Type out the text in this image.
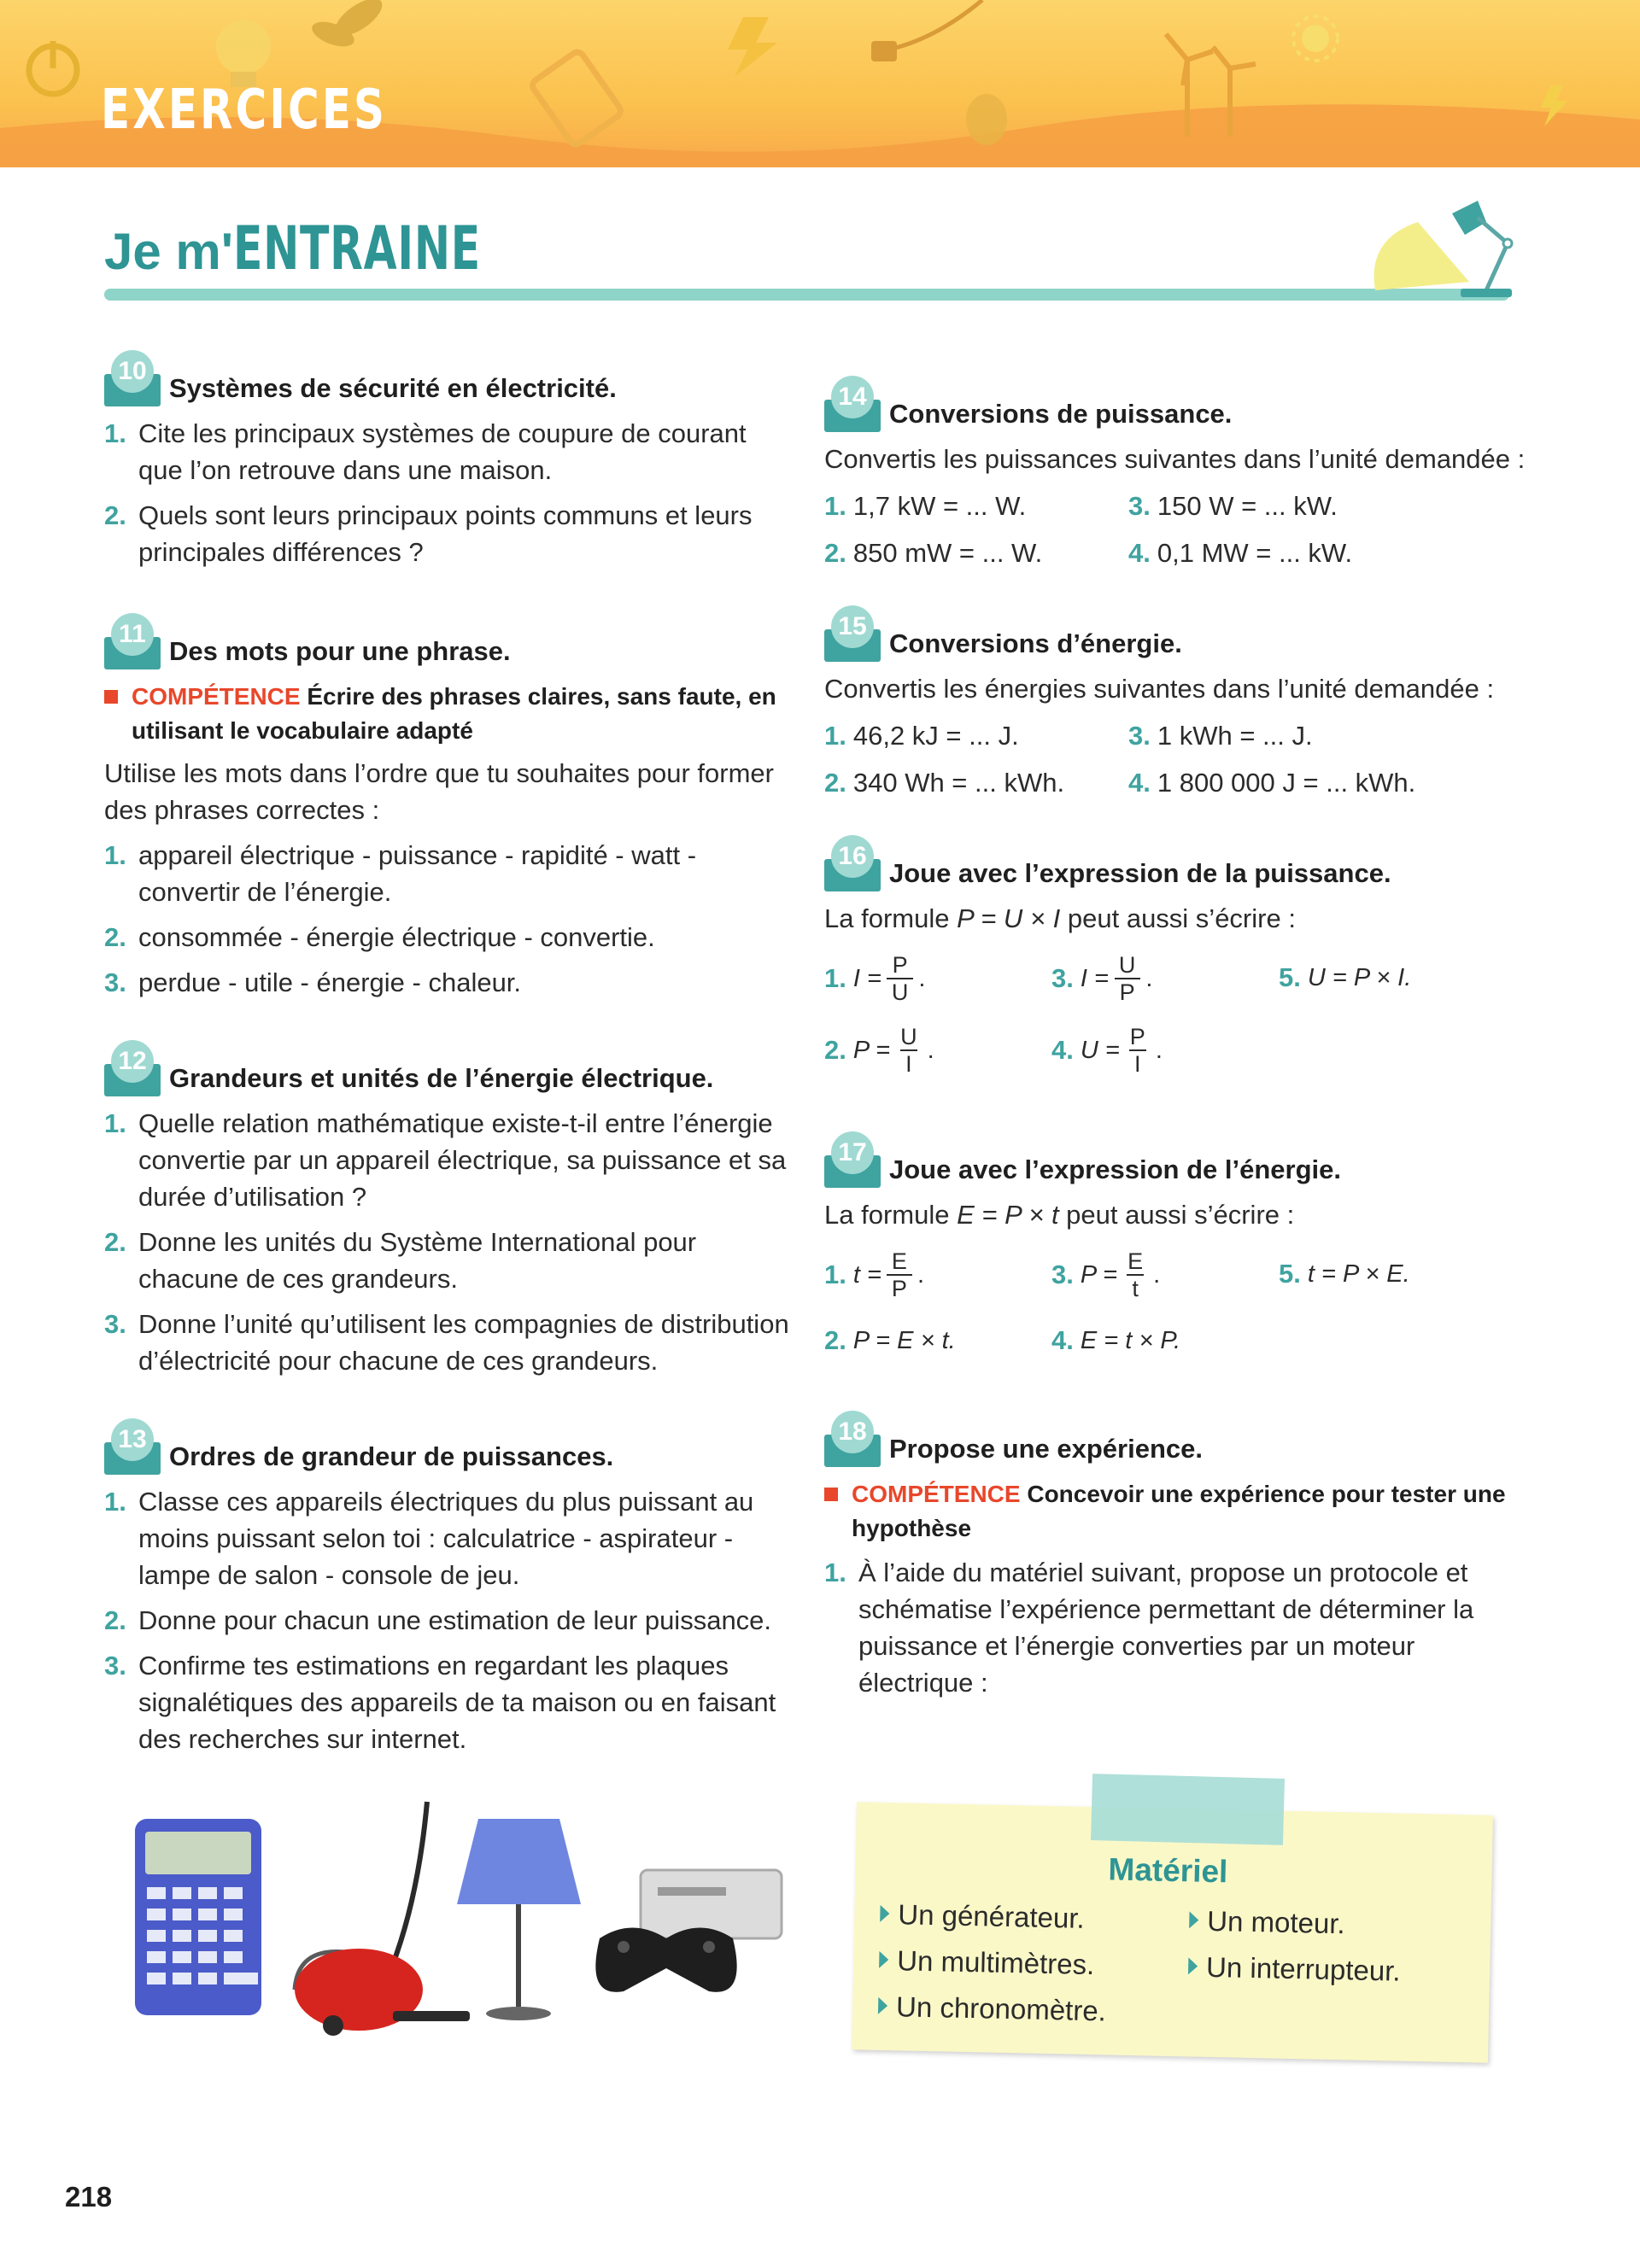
EXERCICES
Je m' ENTRAINE
10
Systèmes de sécurité en électricité.
1. Cite les principaux systèmes de coupure de courant que l’on retrouve dans une maison.
2. Quels sont leurs principaux points communs et leurs principales différences ?
11
Des mots pour une phrase.
COMPÉTENCE Écrire des phrases claires, sans faute, en utilisant le vocabulaire adapté
Utilise les mots dans l’ordre que tu souhaites pour former des phrases correctes :
1. appareil électrique - puissance - rapidité - watt - convertir de l’énergie.
2. consommée - énergie électrique - convertie.
3. perdue - utile - énergie - chaleur.
12
Grandeurs et unités de l’énergie électrique.
1. Quelle relation mathématique existe-t-il entre l’énergie convertie par un appareil électrique, sa puissance et sa durée d’utilisation ?
2. Donne les unités du Système International pour chacune de ces grandeurs.
3. Donne l’unité qu’utilisent les compagnies de distribution d’électricité pour chacune de ces grandeurs.
13
Ordres de grandeur de puissances.
1. Classe ces appareils électriques du plus puissant au moins puissant selon toi : calculatrice - aspirateur - lampe de salon - console de jeu.
2. Donne pour chacun une estimation de leur puissance.
3. Confirme tes estimations en regardant les plaques signalétiques des appareils de ta maison ou en faisant des recherches sur internet.
14
Conversions de puissance.
Convertis les puissances suivantes dans l’unité demandée :
1. 1,7 kW = ... W.	3. 150 W = ... kW.
2. 850 mW = ... W.	4. 0,1 MW = ... kW.
15
Conversions d’énergie.
Convertis les énergies suivantes dans l’unité demandée :
1. 46,2 kJ = ... J.	3. 1 kWh = ... J.
2. 340 Wh = ... kWh.	4. 1 800 000 J = ... kWh.
16
Joue avec l’expression de la puissance.
La formule P = U × I peut aussi s’écrire :
1. $I = \frac{P}{U}$ .	3. $I = \frac{U}{P}$ .	5. U = P × I.
2. $P = \frac{U}{I}$ .	4. $U = \frac{P}{I}$ .
17
Joue avec l’expression de l’énergie.
La formule E = P × t peut aussi s’écrire :
1. $t = \frac{E}{P}$ .	3. $P = \frac{E}{t}$ .	5. t = P × E.
2. P = E × t.	4. E = t × P.
18
Propose une expérience.
COMPÉTENCE Concevoir une expérience pour tester une hypothèse
1. À l’aide du matériel suivant, propose un protocole et schématise l’expérience permettant de déterminer la puissance et l’énergie converties par un moteur électrique :
Matériel
Un générateur.
Un multimètres.
Un chronomètre.
Un moteur.
Un interrupteur.
218
